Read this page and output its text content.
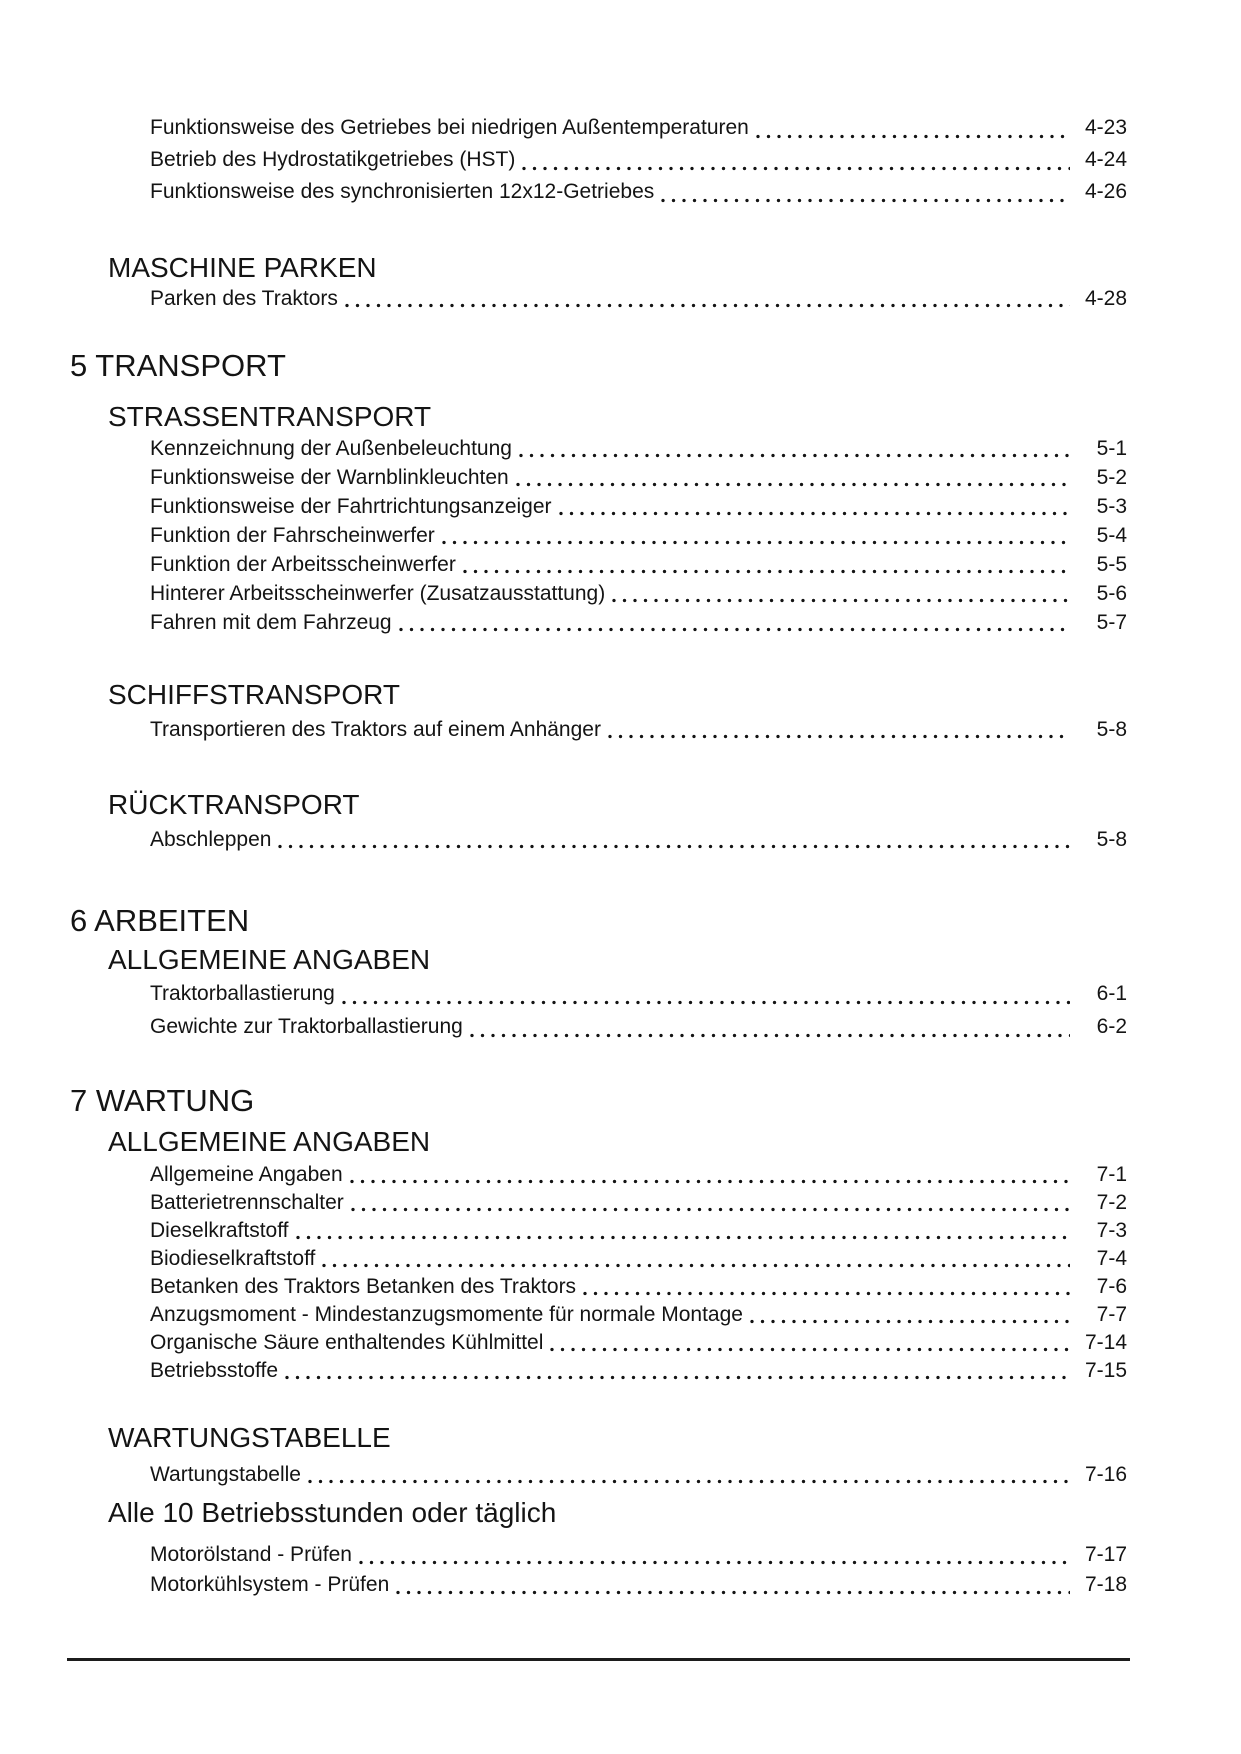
Funktionsweise des Getriebes bei niedrigen Außentemperaturen	4-23
Betrieb des Hydrostatikgetriebes (HST)	4-24
Funktionsweise des synchronisierten 12x12-Getriebes	4-26
MASCHINE PARKEN
Parken des Traktors	4-28
5 TRANSPORT
STRASSENTRANSPORT
Kennzeichnung der Außenbeleuchtung	5-1
Funktionsweise der Warnblinkleuchten	5-2
Funktionsweise der Fahrtrichtungsanzeiger	5-3
Funktion der Fahrscheinwerfer	5-4
Funktion der Arbeitsscheinwerfer	5-5
Hinterer Arbeitsscheinwerfer (Zusatzausstattung)	5-6
Fahren mit dem Fahrzeug	5-7
SCHIFFSTRANSPORT
Transportieren des Traktors auf einem Anhänger	5-8
RÜCKTRANSPORT
Abschleppen	5-8
6 ARBEITEN
ALLGEMEINE ANGABEN
Traktorballastierung	6-1
Gewichte zur Traktorballastierung	6-2
7 WARTUNG
ALLGEMEINE ANGABEN
Allgemeine Angaben	7-1
Batterietrennschalter	7-2
Dieselkraftstoff	7-3
Biodieselkraftstoff	7-4
Betanken des Traktors Betanken des Traktors	7-6
Anzugsmoment - Mindestanzugsmomente für normale Montage	7-7
Organische Säure enthaltendes Kühlmittel	7-14
Betriebsstoffe	7-15
WARTUNGSTABELLE
Wartungstabelle	7-16
Alle 10 Betriebsstunden oder täglich
Motorölstand - Prüfen	7-17
Motorkühlsystem - Prüfen	7-18
